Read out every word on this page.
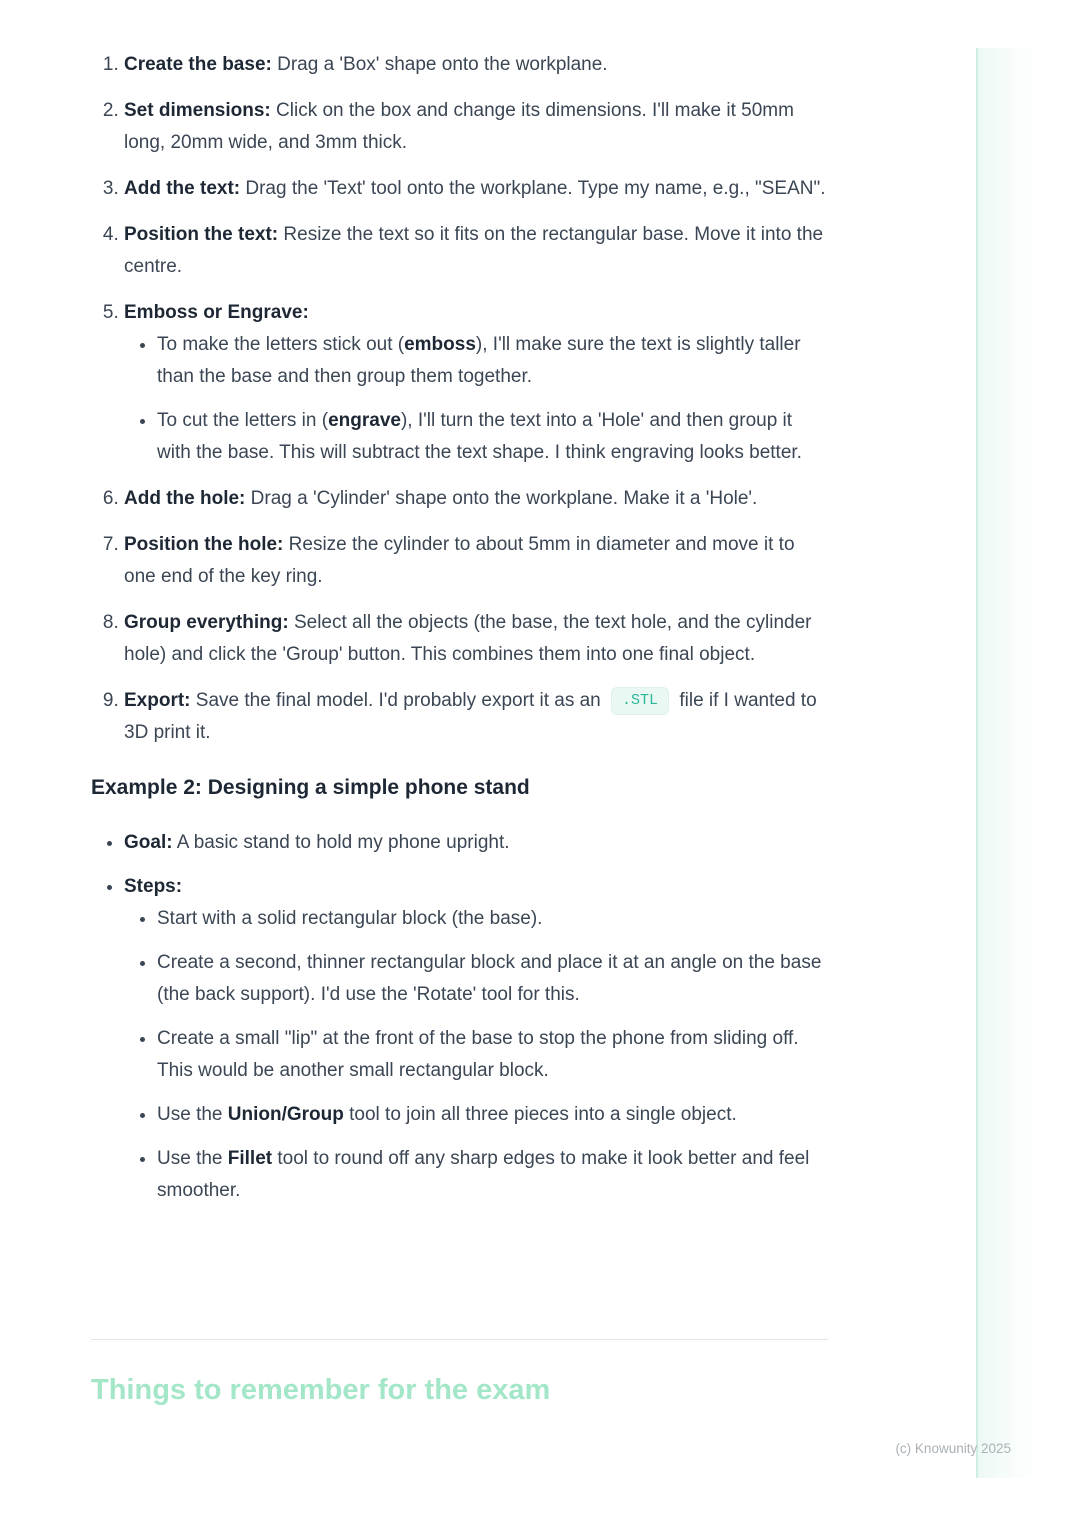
1. Create the base: Drag a 'Box' shape onto the workplane.
2. Set dimensions: Click on the box and change its dimensions. I'll make it 50mm long, 20mm wide, and 3mm thick.
3. Add the text: Drag the 'Text' tool onto the workplane. Type my name, e.g., "SEAN".
4. Position the text: Resize the text so it fits on the rectangular base. Move it into the centre.
5. Emboss or Engrave:
• To make the letters stick out (emboss), I'll make sure the text is slightly taller than the base and then group them together.
• To cut the letters in (engrave), I'll turn the text into a 'Hole' and then group it with the base. This will subtract the text shape. I think engraving looks better.
6. Add the hole: Drag a 'Cylinder' shape onto the workplane. Make it a 'Hole'.
7. Position the hole: Resize the cylinder to about 5mm in diameter and move it to one end of the key ring.
8. Group everything: Select all the objects (the base, the text hole, and the cylinder hole) and click the 'Group' button. This combines them into one final object.
9. Export: Save the final model. I'd probably export it as an .STL file if I wanted to 3D print it.
Example 2: Designing a simple phone stand
• Goal: A basic stand to hold my phone upright.
• Steps:
• Start with a solid rectangular block (the base).
• Create a second, thinner rectangular block and place it at an angle on the base (the back support). I'd use the 'Rotate' tool for this.
• Create a small "lip" at the front of the base to stop the phone from sliding off. This would be another small rectangular block.
• Use the Union/Group tool to join all three pieces into a single object.
• Use the Fillet tool to round off any sharp edges to make it look better and feel smoother.
Things to remember for the exam
(c) Knowunity 2025
